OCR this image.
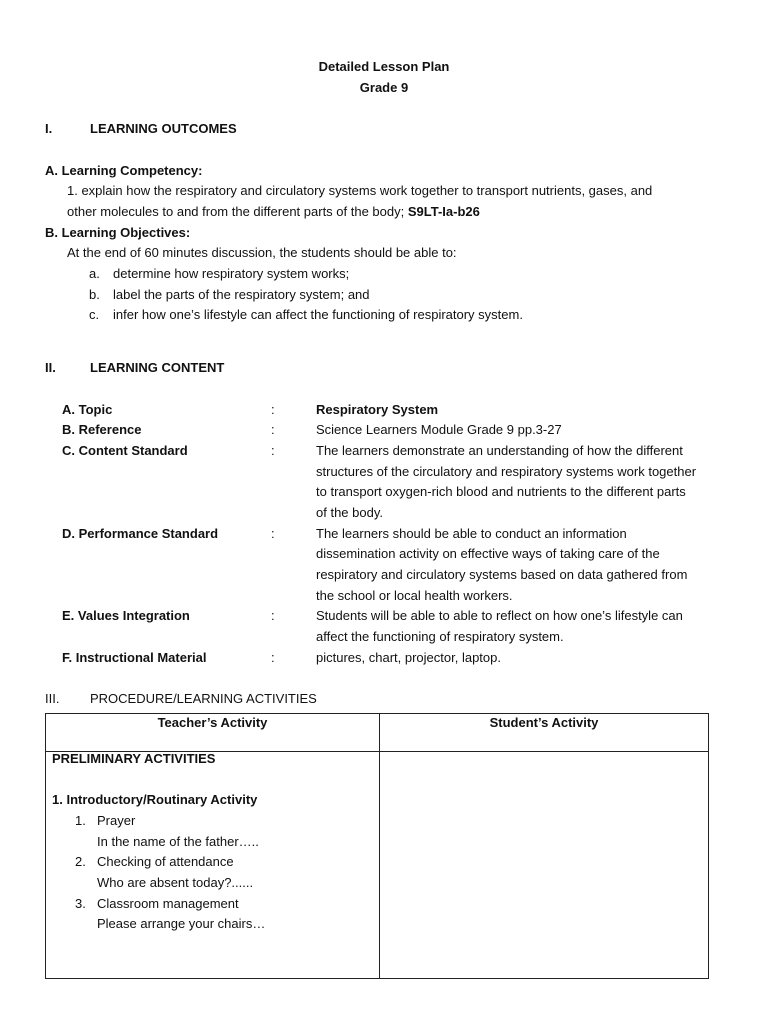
Detailed Lesson Plan
Grade 9
I.	LEARNING OUTCOMES
A. Learning Competency:
1. explain how the respiratory and circulatory systems work together to transport nutrients, gases, and
other molecules to and from the different parts of the body; S9LT-Ia-b26
B. Learning Objectives:
At the end of 60 minutes discussion, the students should be able to:
a. determine how respiratory system works;
b. label the parts of the respiratory system; and
c. infer how one’s lifestyle can affect the functioning of respiratory system.
II.	LEARNING CONTENT
A. Topic	:	Respiratory System
B. Reference	:	Science Learners Module Grade 9 pp.3-27
C. Content Standard	:	The learners demonstrate an understanding of how the different
structures of the circulatory and respiratory systems work together
to transport oxygen-rich blood and nutrients to the different parts
of the body.
D. Performance Standard	:	The learners should be able to conduct an information
dissemination activity on effective ways of taking care of the
respiratory and circulatory systems based on data gathered from
the school or local health workers.
E. Values Integration	:	Students will be able to able to reflect on how one’s lifestyle can
affect the functioning of respiratory system.
F. Instructional Material	:	pictures, chart, projector, laptop.
III. PROCEDURE/LEARNING ACTIVITIES
Teacher’s Activity	Student’s Activity
PRELIMINARY ACTIVITIES
1. Introductory/Routinary Activity
1. Prayer
In the name of the father…..
2. Checking of attendance
Who are absent today?......
3. Classroom management
Please arrange your chairs…
